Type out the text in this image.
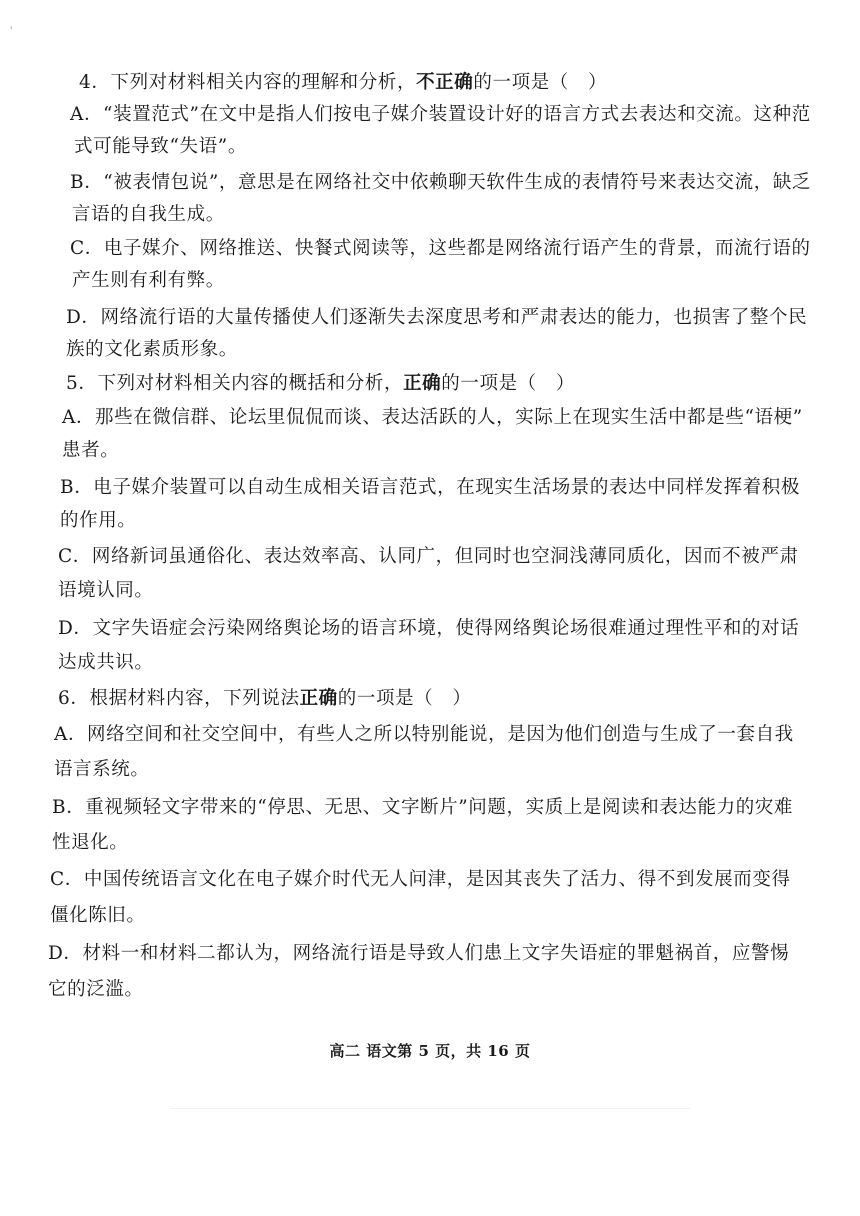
'
4．下列对材料相关内容的理解和分析，不正确的一项是（　）
A．“装置范式”在文中是指人们按电子媒介装置设计好的语言方式去表达和交流。这种范
式可能导致“失语”。
B．“被表情包说”，意思是在网络社交中依赖聊天软件生成的表情符号来表达交流，缺乏
言语的自我生成。
C．电子媒介、网络推送、快餐式阅读等，这些都是网络流行语产生的背景，而流行语的
产生则有利有弊。
D．网络流行语的大量传播使人们逐渐失去深度思考和严肃表达的能力，也损害了整个民
族的文化素质形象。
5．下列对材料相关内容的概括和分析，正确的一项是（　）
A．那些在微信群、论坛里侃侃而谈、表达活跃的人，实际上在现实生活中都是些“语梗”
患者。
B．电子媒介装置可以自动生成相关语言范式，在现实生活场景的表达中同样发挥着积极
的作用。
C．网络新词虽通俗化、表达效率高、认同广，但同时也空洞浅薄同质化，因而不被严肃
语境认同。
D．文字失语症会污染网络舆论场的语言环境，使得网络舆论场很难通过理性平和的对话
达成共识。
6．根据材料内容，下列说法正确的一项是（　）
A．网络空间和社交空间中，有些人之所以特别能说，是因为他们创造与生成了一套自我
语言系统。
B．重视频轻文字带来的“停思、无思、文字断片”问题，实质上是阅读和表达能力的灾难
性退化。
C．中国传统语言文化在电子媒介时代无人问津，是因其丧失了活力、得不到发展而变得
僵化陈旧。
D．材料一和材料二都认为，网络流行语是导致人们患上文字失语症的罪魁祸首，应警惕
它的泛滥。
高二 语文第 5 页，共 16 页
